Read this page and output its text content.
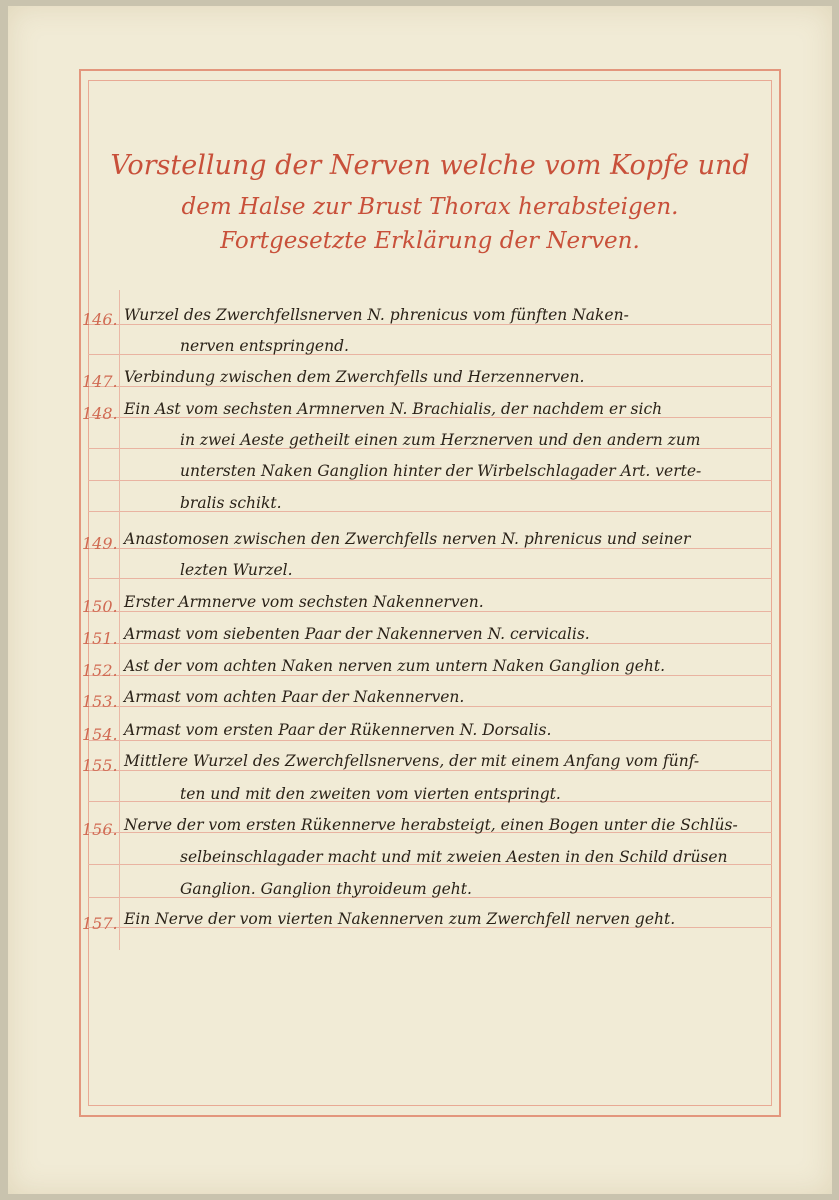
Vorstellung der Nerven welche vom Kopfe und
dem Halse zur Brust Thorax herabsteigen.
Fortgesetzte Erklärung der Nerven.
146. Wurzel des Zwerchfellsnerven N. phrenicus vom fünften Naken-
nerven entspringend.
147. Verbindung zwischen dem Zwerchfells und Herzennerven.
148. Ein Ast vom sechsten Armnerven N. Brachialis, der nachdem er sich
in zwei Aeste getheilt einen zum Herznerven und den andern zum
untersten Naken Ganglion hinter der Wirbelschlagader Art. verte-
bralis schikt.
149. Anastomosen zwischen den Zwerchfells nerven N. phrenicus und seiner
lezten Wurzel.
150. Erster Armnerve vom sechsten Nakennerven.
151. Armast vom siebenten Paar der Nakennerven N. cervicalis.
152. Ast der vom achten Naken nerven zum untern Naken Ganglion geht.
153. Armast vom achten Paar der Nakennerven.
154. Armast vom ersten Paar der Rükennerven N. Dorsalis.
155. Mittlere Wurzel des Zwerchfellsnervens, der mit einem Anfang vom fünf-
ten und mit den zweiten vom vierten entspringt.
156. Nerve der vom ersten Rükennerve herabsteigt, einen Bogen unter die Schlüs-
selbeinschlagader macht und mit zweien Aesten in den Schild drüsen
Ganglion. Ganglion thyroideum geht.
157. Ein Nerve der vom vierten Nakennerven zum Zwerchfell nerven geht.
